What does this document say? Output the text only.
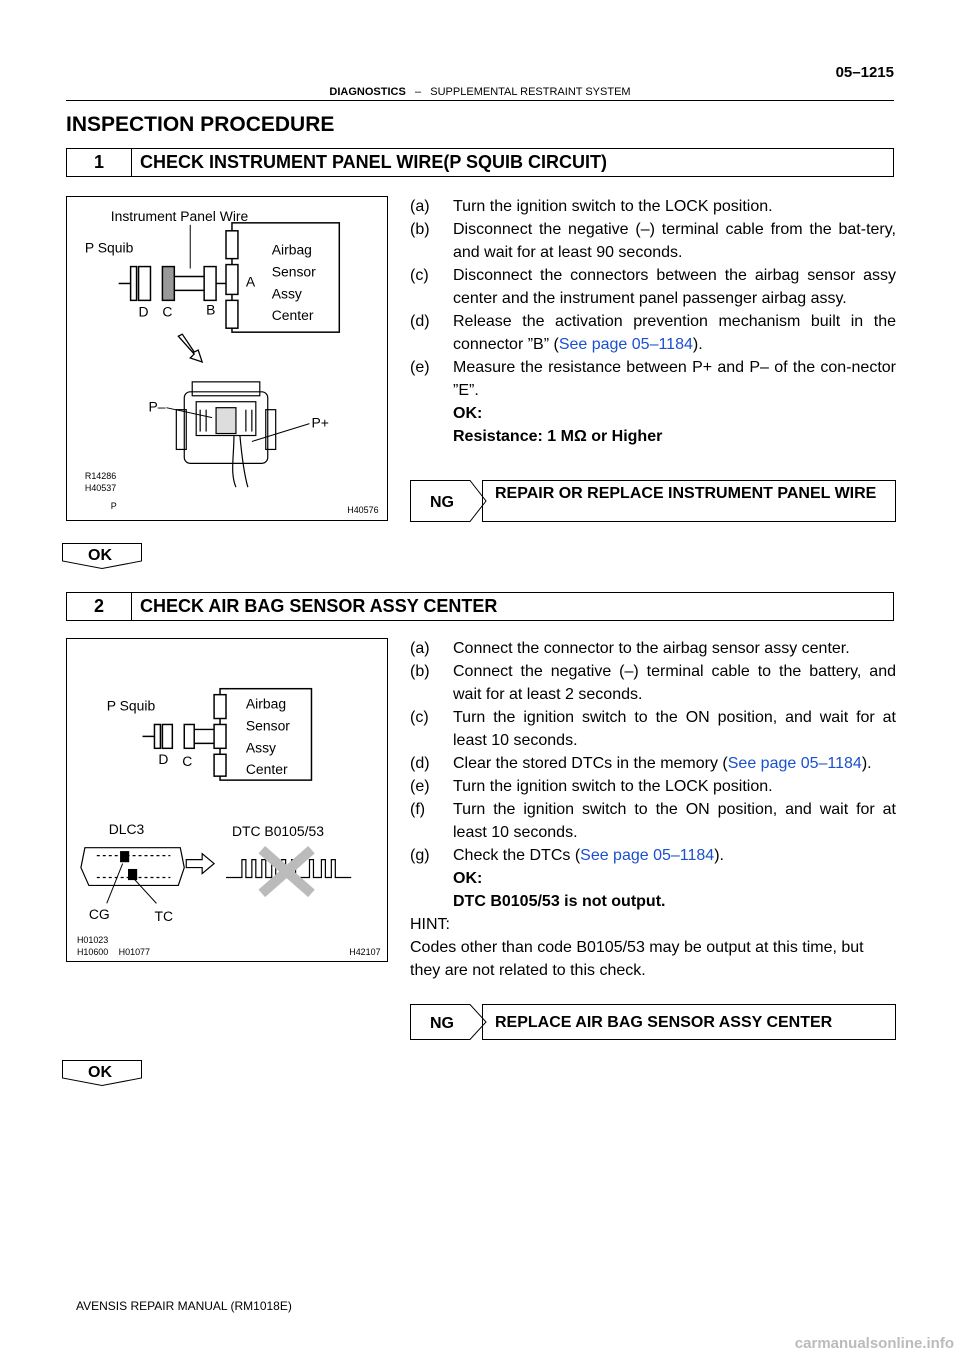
DIAGNOSTICS – SUPPLEMENTAL RESTRAINT SYSTEM
05–1215
INSPECTION PROCEDURE
1	CHECK INSTRUMENT PANEL WIRE(P SQUIB CIRCUIT)
Instrument Panel Wire
P Squib	Airbag
Sensor
Assy
Center
A
D C B
P–
P+
R14286
H40537
P	H40576
(a)	Turn the ignition switch to the LOCK position.
(b)	Disconnect the negative (–) terminal cable from the bat-tery, and wait for at least 90 seconds.
(c)	Disconnect the connectors between the airbag sensor assy center and the instrument panel passenger airbag assy.
(d)	Release the activation prevention mechanism built in the connector ”B” (See page 05–1184).
(e)	Measure the resistance between P+ and P– of the con-nector ”E”.
OK:
Resistance: 1 MΩ or Higher
NG
REPAIR OR REPLACE INSTRUMENT PANEL WIRE
OK
2	CHECK AIR BAG SENSOR ASSY CENTER
P Squib	Airbag
Sensor
Assy
Center
D C
DLC3	DTC B0105/53
CG	TC
H01023
H10600 H01077	H42107
(a)	Connect the connector to the airbag sensor assy center.
(b)	Connect the negative (–) terminal cable to the battery, and wait for at least 2 seconds.
(c)	Turn the ignition switch to the ON position, and wait for at least 10 seconds.
(d)	Clear the stored DTCs in the memory (See page 05–1184).
(e)	Turn the ignition switch to the LOCK position.
(f)	Turn the ignition switch to the ON position, and wait for at least 10 seconds.
(g)	Check the DTCs (See page 05–1184).
OK:
DTC B0105/53 is not output.
HINT:
Codes other than code B0105/53 may be output at this time, but they are not related to this check.
NG	REPLACE AIR BAG SENSOR ASSY CENTER
OK
AVENSIS REPAIR MANUAL (RM1018E)
carmanualsonline.info
